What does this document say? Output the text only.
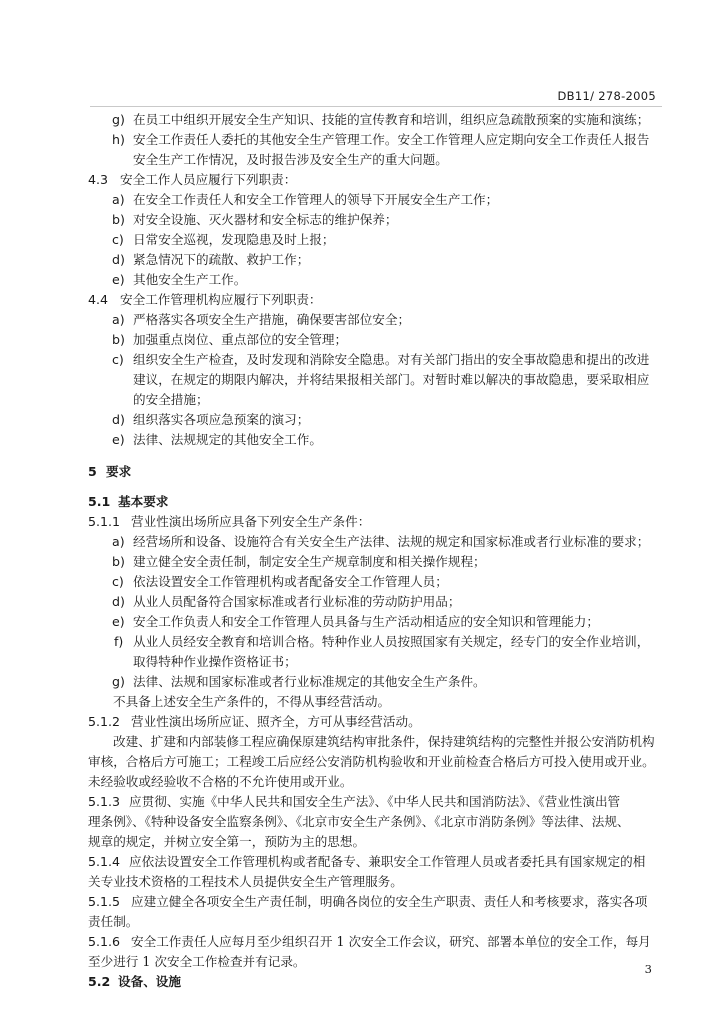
DB11/ 278-2005
g) 在员工中组织开展安全生产知识、技能的宣传教育和培训，组织应急疏散预案的实施和演练；
h) 安全工作责任人委托的其他安全生产管理工作。安全工作管理人应定期向安全工作责任人报告
安全生产工作情况，及时报告涉及安全生产的重大问题。
4.3 安全工作人员应履行下列职责：
a) 在安全工作责任人和安全工作管理人的领导下开展安全生产工作；
b) 对安全设施、灭火器材和安全标志的维护保养；
c) 日常安全巡视，发现隐患及时上报；
d) 紧急情况下的疏散、救护工作；
e) 其他安全生产工作。
4.4 安全工作管理机构应履行下列职责：
a) 严格落实各项安全生产措施，确保要害部位安全；
b) 加强重点岗位、重点部位的安全管理；
c) 组织安全生产检查，及时发现和消除安全隐患。对有关部门指出的安全事故隐患和提出的改进
建议，在规定的期限内解决，并将结果报相关部门。对暂时难以解决的事故隐患，要采取相应
的安全措施；
d) 组织落实各项应急预案的演习；
e) 法律、法规规定的其他安全工作。
5 要求
5.1 基本要求
5.1.1 营业性演出场所应具备下列安全生产条件：
a) 经营场所和设备、设施符合有关安全生产法律、法规的规定和国家标准或者行业标准的要求；
b) 建立健全安全责任制，制定安全生产规章制度和相关操作规程；
c) 依法设置安全工作管理机构或者配备安全工作管理人员；
d) 从业人员配备符合国家标准或者行业标准的劳动防护用品；
e) 安全工作负责人和安全工作管理人员具备与生产活动相适应的安全知识和管理能力；
f) 从业人员经安全教育和培训合格。特种作业人员按照国家有关规定，经专门的安全作业培训，
取得特种作业操作资格证书；
g) 法律、法规和国家标准或者行业标准规定的其他安全生产条件。
不具备上述安全生产条件的，不得从事经营活动。
5.1.2 营业性演出场所应证、照齐全，方可从事经营活动。
改建、扩建和内部装修工程应确保原建筑结构审批条件，保持建筑结构的完整性并报公安消防机构
审核，合格后方可施工；工程竣工后应经公安消防机构验收和开业前检查合格后方可投入使用或开业。
未经验收或经验收不合格的不允许使用或开业。
5.1.3 应贯彻、实施《中华人民共和国安全生产法》、《中华人民共和国消防法》、《营业性演出管
理条例》、《特种设备安全监察条例》、《北京市安全生产条例》、《北京市消防条例》等法律、法规、
规章的规定，并树立安全第一，预防为主的思想。
5.1.4 应依法设置安全工作管理机构或者配备专、兼职安全工作管理人员或者委托具有国家规定的相
关专业技术资格的工程技术人员提供安全生产管理服务。
5.1.5 应建立健全各项安全生产责任制，明确各岗位的安全生产职责、责任人和考核要求，落实各项
责任制。
5.1.6 安全工作责任人应每月至少组织召开 1 次安全工作会议，研究、部署本单位的安全工作，每月
至少进行 1 次安全工作检查并有记录。
5.2 设备、设施
3
